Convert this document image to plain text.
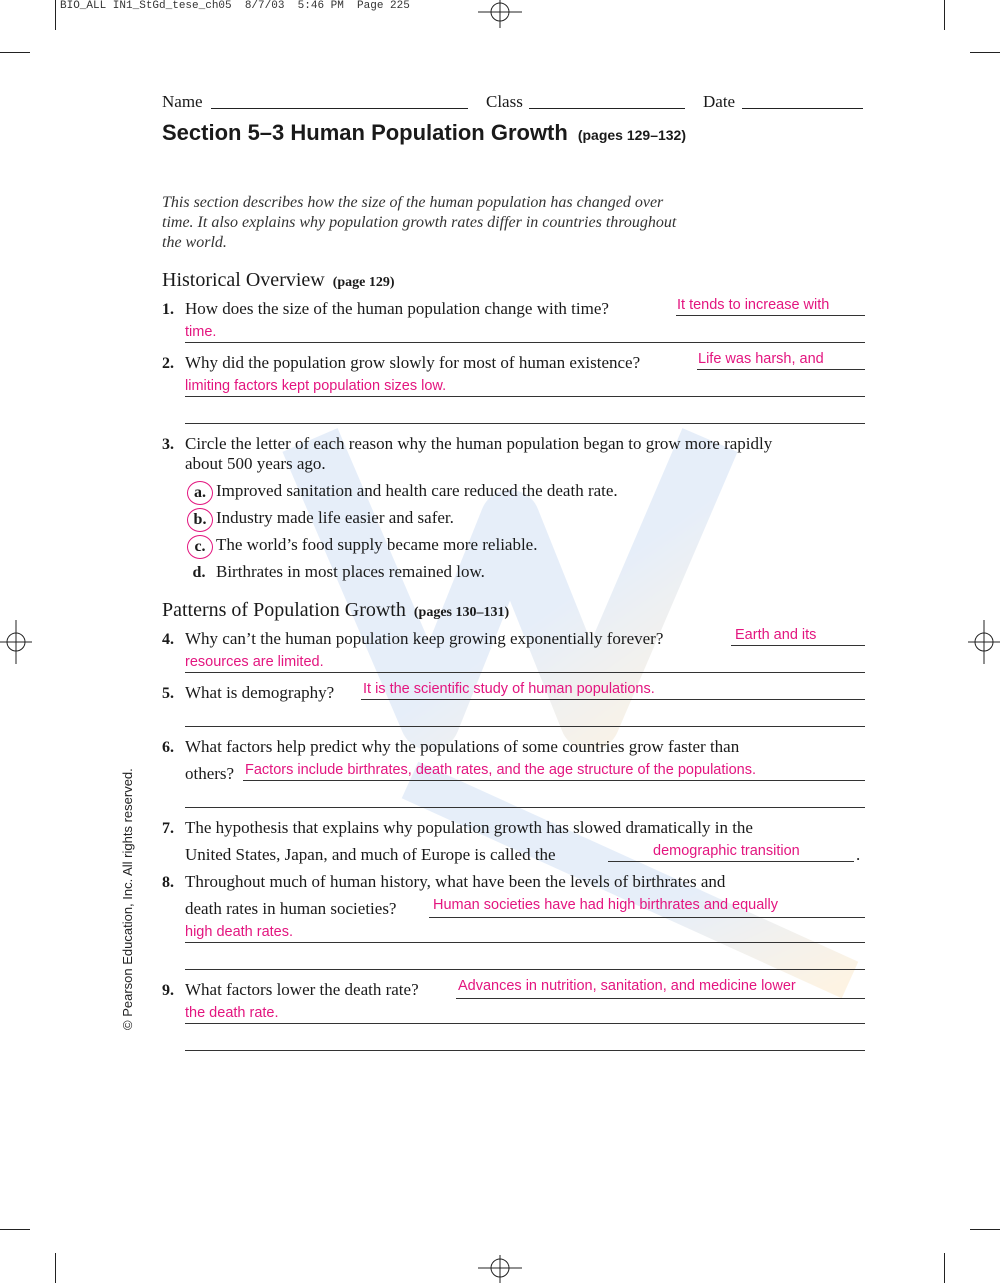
BIO_ALL IN1_StGd_tese_ch05  8/7/03  5:46 PM  Page 225
Name	Class	Date
Section 5–3 Human Population Growth (pages 129–132)
This section describes how the size of the human population has changed over time. It also explains why population growth rates differ in countries throughout the world.
Historical Overview (page 129)
1. How does the size of the human population change with time?	It tends to increase with
time.
2. Why did the population grow slowly for most of human existence?	Life was harsh, and
limiting factors kept population sizes low.
3. Circle the letter of each reason why the human population began to grow more rapidly
about 500 years ago.
a. Improved sanitation and health care reduced the death rate.
b. Industry made life easier and safer.
c. The world’s food supply became more reliable.
d. Birthrates in most places remained low.
Patterns of Population Growth (pages 130–131)
4. Why can’t the human population keep growing exponentially forever?	Earth and its
resources are limited.
5. What is demography? It is the scientific study of human populations.
6. What factors help predict why the populations of some countries grow faster than
others? Factors include birthrates, death rates, and the age structure of the populations.
7. The hypothesis that explains why population growth has slowed dramatically in the
United States, Japan, and much of Europe is called the	demographic transition	.
8. Throughout much of human history, what have been the levels of birthrates and
death rates in human societies?	Human societies have had high birthrates and equally
high death rates.
9. What factors lower the death rate?	Advances in nutrition, sanitation, and medicine lower
the death rate.
© Pearson Education, Inc. All rights reserved.
